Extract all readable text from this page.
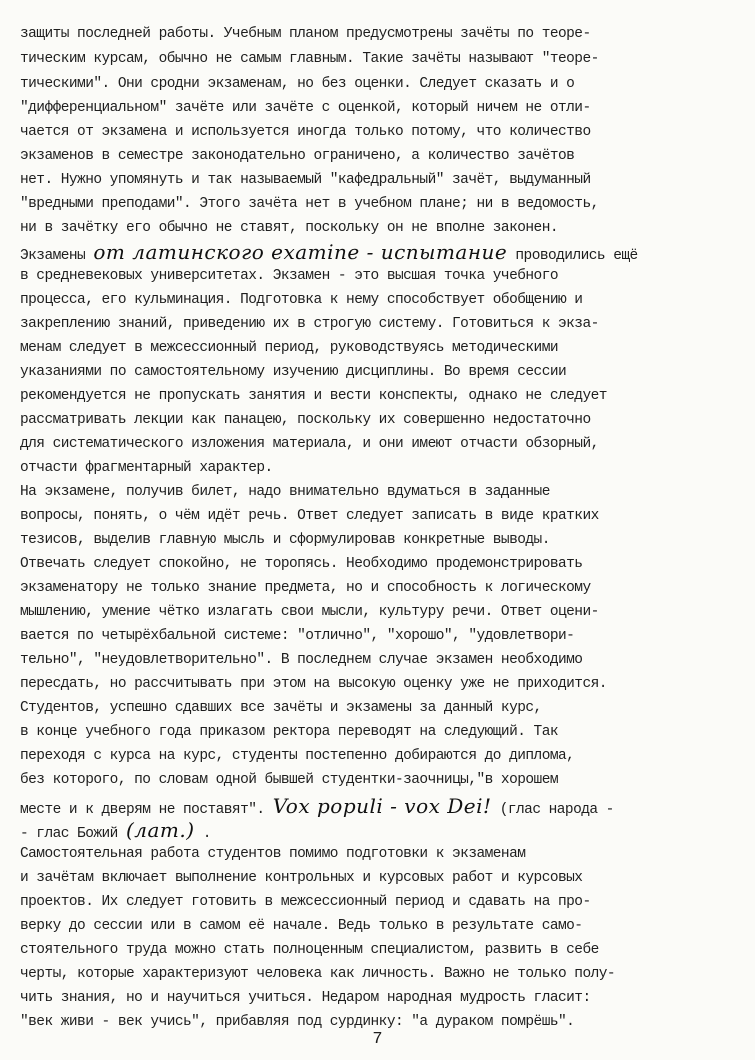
защиты последней работы. Учебным планом предусмотрены зачёты по теоре-
тическим курсам, обычно не самым главным. Такие зачёты называют "теоре-
тическими". Они сродни экзаменам, но без оценки. Следует сказать и о
"дифференциальном" зачёте или зачёте с оценкой, который ничем не отли-
чается от экзамена и используется иногда только потому, что количество
экзаменов в семестре законодательно ограничено, а количество зачётов
нет. Нужно упомянуть и так называемый "кафедральный" зачёт, выдуманный
"вредными преподами". Этого зачёта нет в учебном плане; ни в ведомость,
ни в зачётку его обычно не ставят, поскольку он не вполне законен.
Экзамены от латинского examine - испытание проводились ещё
в средневековых университетах. Экзамен - это высшая точка учебного
процесса, его кульминация. Подготовка к нему способствует обобщению и
закреплению знаний, приведению их в строгую систему. Готовиться к экза-
менам следует в межсессионный период, руководствуясь методическими
указаниями по самостоятельному изучению дисциплины. Во время сессии
рекомендуется не пропускать занятия и вести конспекты, однако не следует
рассматривать лекции как панацею, поскольку их совершенно недостаточно
для систематического изложения материала, и они имеют отчасти обзорный,
отчасти фрагментарный характер.
На экзамене, получив билет, надо внимательно вдуматься в заданные
вопросы, понять, о чём идёт речь. Ответ следует записать в виде кратких
тезисов, выделив главную мысль и сформулировав конкретные выводы.
Отвечать следует спокойно, не торопясь. Необходимо продемонстрировать
экзаменатору не только знание предмета, но и способность к логическому
мышлению, умение чётко излагать свои мысли, культуру речи. Ответ оцени-
вается по четырёхбальной системе: "отлично", "хорошо", "удовлетвори-
тельно", "неудовлетворительно". В последнем случае экзамен необходимо
пересдать, но рассчитывать при этом на высокую оценку уже не приходится.
Студентов, успешно сдавших все зачёты и экзамены за данный курс,
в конце учебного года приказом ректора переводят на следующий. Так
переходя с курса на курс, студенты постепенно добираются до диплома,
без которого, по словам одной бывшей студентки-заочницы,"в хорошем
месте и к дверям не поставят". Vox populi - vox Dei! (глас народа -
- глас Божий (лат.) .
Самостоятельная работа студентов помимо подготовки к экзаменам
и зачётам включает выполнение контрольных и курсовых работ и курсовых
проектов. Их следует готовить в межсессионный период и сдавать на про-
верку до сессии или в самом её начале. Ведь только в результате само-
стоятельного труда можно стать полноценным специалистом, развить в себе
черты, которые характеризуют человека как личность. Важно не только полу-
чить знания, но и научиться учиться. Недаром народная мудрость гласит:
"век живи - век учись", прибавляя под сурдинку: "а дураком помрёшь".
7
